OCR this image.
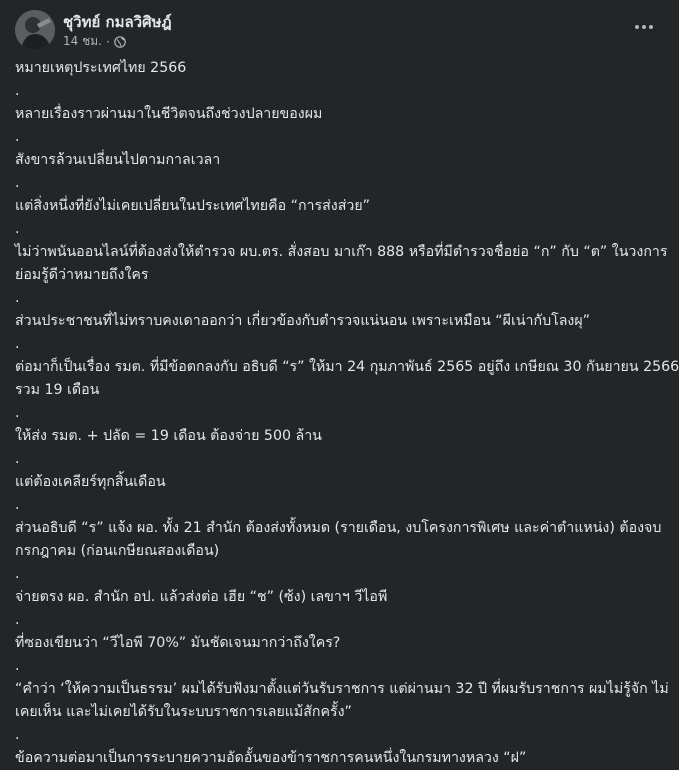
ชุวิทย์ กมลวิศิษฎ์
14 ชม. ·
หมายเหตุประเทศไทย 2566
.
หลายเรื่องราวผ่านมาในชีวิตจนถึงช่วงปลายของผม
.
สังขารล้วนเปลี่ยนไปตามกาลเวลา
.
แต่สิ่งหนึ่งที่ยังไม่เคยเปลี่ยนในประเทศไทยคือ “การส่งส่วย”
.
ไม่ว่าพนันออนไลน์ที่ต้องส่งให้ตำรวจ ผบ.ตร. สั่งสอบ มาเก๊า 888 หรือที่มีตำรวจชื่อย่อ “ก” กับ “ต” ในวงการ
ย่อมรู้ดีว่าหมายถึงใคร
.
ส่วนประชาชนที่ไม่ทราบคงเดาออกว่า เกี่ยวข้องกับตำรวจแน่นอน เพราะเหมือน “ผีเน่ากับโลงผุ”
.
ต่อมาก็เป็นเรื่อง รมต. ที่มีข้อตกลงกับ อธิบดี “ร” ให้มา 24 กุมภาพันธ์ 2565 อยู่ถึง เกษียณ 30 กันยายน 2566
รวม 19 เดือน
.
ให้ส่ง รมต. + ปลัด = 19 เดือน ต้องจ่าย 500 ล้าน
.
แต่ต้องเคลียร์ทุกสิ้นเดือน
.
ส่วนอธิบดี “ร” แจ้ง ผอ. ทั้ง 21 สำนัก ต้องส่งทั้งหมด (รายเดือน, งบโครงการพิเศษ และค่าตำแหน่ง) ต้องจบ
กรกฎาคม (ก่อนเกษียณสองเดือน)
.
จ่ายตรง ผอ. สำนัก อป. แล้วส่งต่อ เฮีย “ช” (ซ้ง) เลขาฯ วีไอพี
.
ที่ซองเขียนว่า “วีไอพี 70%” มันชัดเจนมากว่าถึงใคร?
.
“คำว่า ‘ให้ความเป็นธรรม’ ผมได้รับฟังมาตั้งแต่วันรับราชการ แต่ผ่านมา 32 ปี ที่ผมรับราชการ ผมไม่รู้จัก ไม่
เคยเห็น และไม่เคยได้รับในระบบราชการเลยแม้สักครั้ง”
.
ข้อความต่อมาเป็นการระบายความอัดอั้นของข้าราชการคนหนึ่งในกรมทางหลวง “ฝ”
